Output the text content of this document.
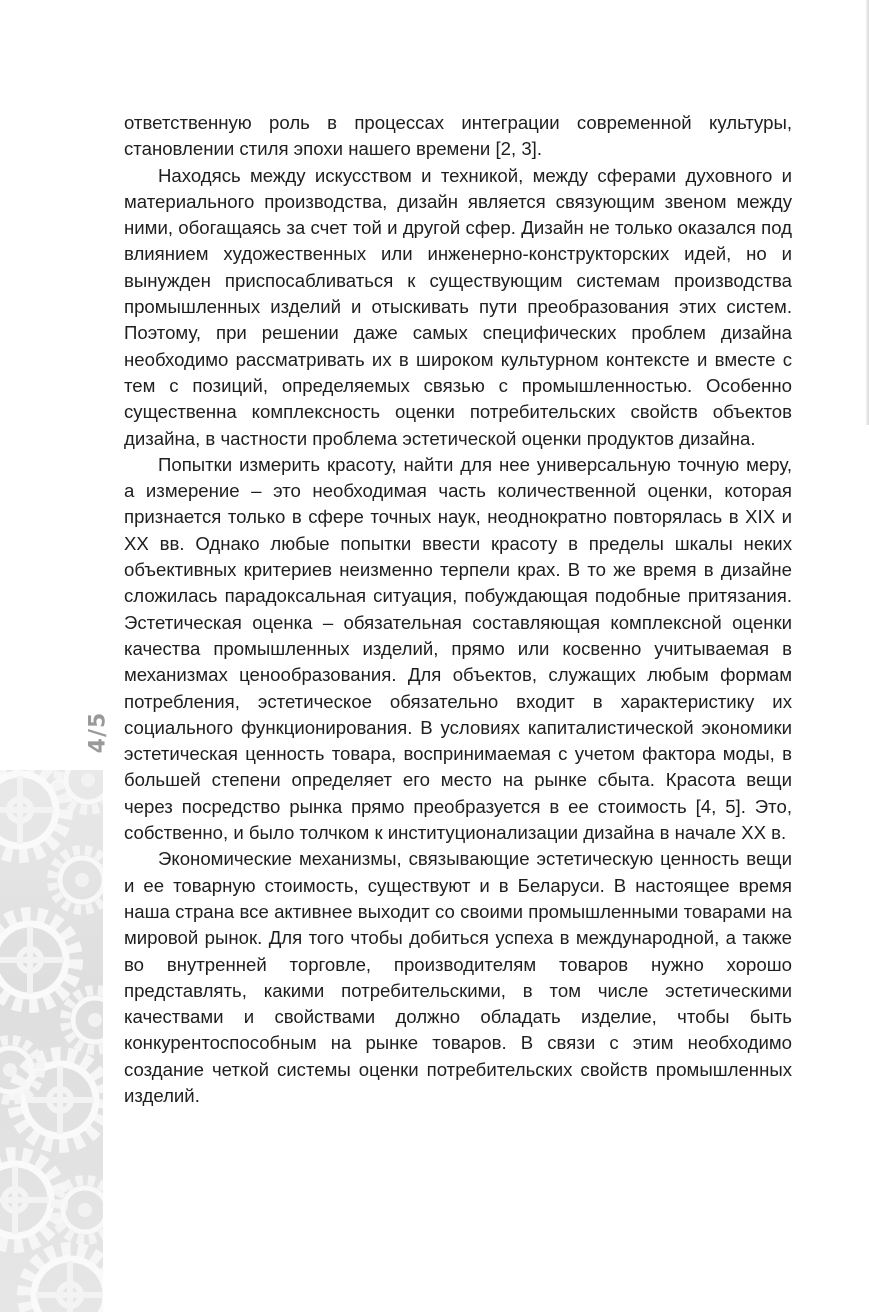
4/5

ответственную роль в процессах интеграции современной культуры, становлении стиля эпохи нашего времени [2, 3].

Находясь между искусством и техникой, между сферами духовного и материального производства, дизайн является связующим звеном между ними, обогащаясь за счет той и другой сфер. Дизайн не только оказался под влиянием художественных или инженерно-конструкторских идей, но и вынужден приспосабливаться к существующим системам производства промышленных изделий и отыскивать пути преобразования этих систем. Поэтому, при решении даже самых специфических проблем дизайна необходимо рассматривать их в широком культурном контексте и вместе с тем с позиций, определяемых связью с промышленностью. Особенно существенна комплексность оценки потребительских свойств объектов дизайна, в частности проблема эстетической оценки продуктов дизайна.

Попытки измерить красоту, найти для нее универсальную точную меру, а измерение – это необходимая часть количественной оценки, которая признается только в сфере точных наук, неоднократно повторялась в XIX и XX вв. Однако любые попытки ввести красоту в пределы шкалы неких объективных критериев неизменно терпели крах. В то же время в дизайне сложилась парадоксальная ситуация, побуждающая подобные притязания. Эстетическая оценка – обязательная составляющая комплексной оценки качества промышленных изделий, прямо или косвенно учитываемая в механизмах ценообразования. Для объектов, служащих любым формам потребления, эстетическое обязательно входит в характеристику их социального функционирования. В условиях капиталистической экономики эстетическая ценность товара, воспринимаемая с учетом фактора моды, в большей степени определяет его место на рынке сбыта. Красота вещи через посредство рынка прямо преобразуется в ее стоимость [4, 5]. Это, собственно, и было толчком к институционализации дизайна в начале XX в.

Экономические механизмы, связывающие эстетическую ценность вещи и ее товарную стоимость, существуют и в Беларуси. В настоящее время наша страна все активнее выходит со своими промышленными товарами на мировой рынок. Для того чтобы добиться успеха в международной, а также во внутренней торговле, производителям товаров нужно хорошо представлять, какими потребительскими, в том числе эстетическими качествами и свойствами должно обладать изделие, чтобы быть конкурентоспособным на рынке товаров. В связи с этим необходимо создание четкой системы оценки потребительских свойств промышленных изделий.
